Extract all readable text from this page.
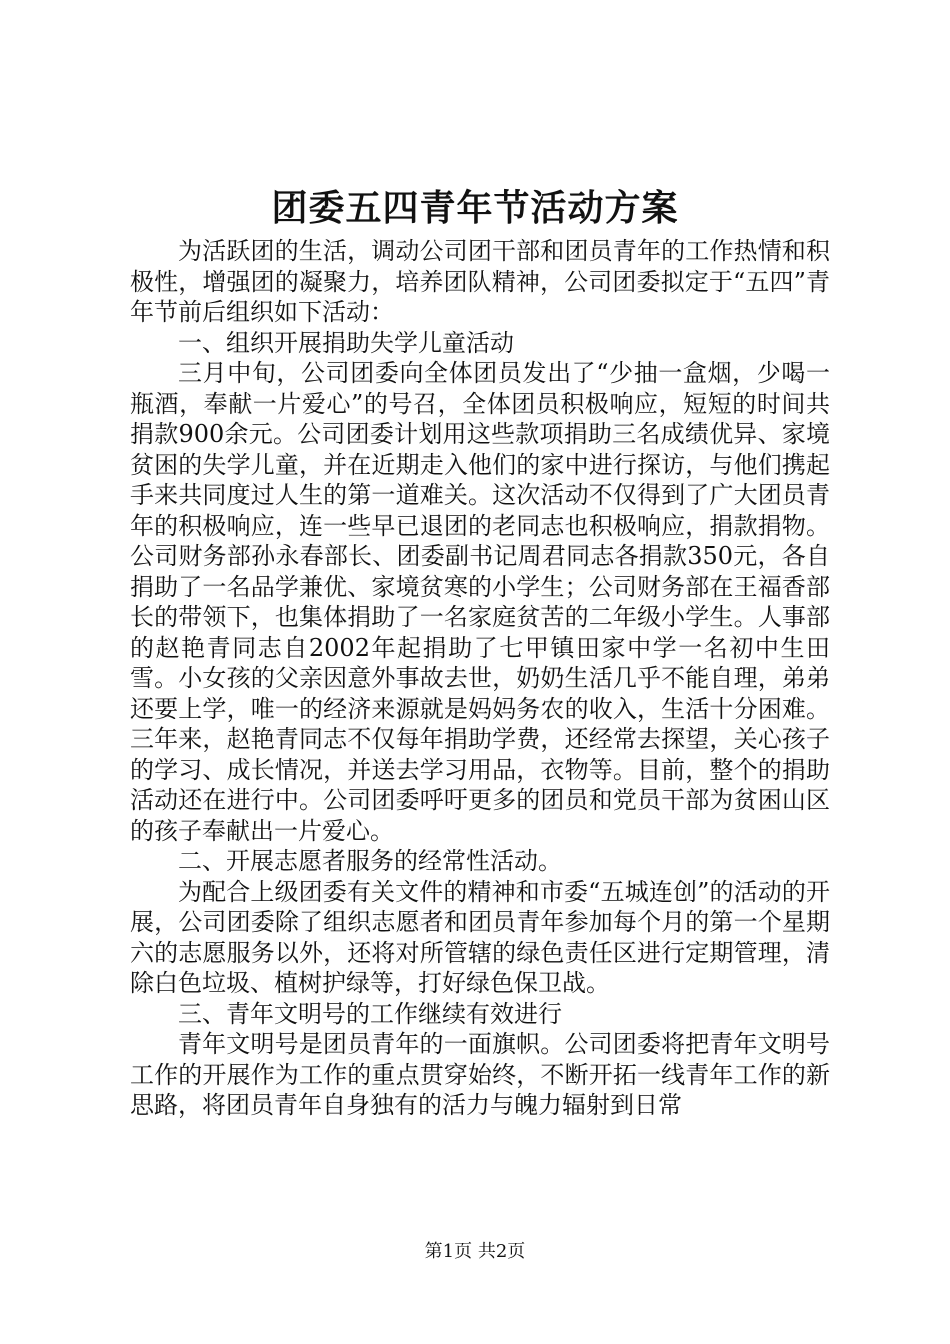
团委五四青年节活动方案

为活跃团的生活，调动公司团干部和团员青年的工作热情和积极性，增强团的凝聚力，培养团队精神，公司团委拟定于“五四”青年节前后组织如下活动：

一、组织开展捐助失学儿童活动

三月中旬，公司团委向全体团员发出了“少抽一盒烟，少喝一瓶酒，奉献一片爱心”的号召，全体团员积极响应，短短的时间共捐款900余元。公司团委计划用这些款项捐助三名成绩优异、家境贫困的失学儿童，并在近期走入他们的家中进行探访，与他们携起手来共同度过人生的第一道难关。这次活动不仅得到了广大团员青年的积极响应，连一些早已退团的老同志也积极响应，捐款捐物。公司财务部孙永春部长、团委副书记周君同志各捐款350元，各自捐助了一名品学兼优、家境贫寒的小学生；公司财务部在王福香部长的带领下，也集体捐助了一名家庭贫苦的二年级小学生。人事部的赵艳青同志自2002年起捐助了七甲镇田家中学一名初中生田雪。小女孩的父亲因意外事故去世，奶奶生活几乎不能自理，弟弟还要上学，唯一的经济来源就是妈妈务农的收入，生活十分困难。三年来，赵艳青同志不仅每年捐助学费，还经常去探望，关心孩子的学习、成长情况，并送去学习用品，衣物等。目前，整个的捐助活动还在进行中。公司团委呼吁更多的团员和党员干部为贫困山区的孩子奉献出一片爱心。

二、开展志愿者服务的经常性活动。

为配合上级团委有关文件的精神和市委“五城连创”的活动的开展，公司团委除了组织志愿者和团员青年参加每个月的第一个星期六的志愿服务以外，还将对所管辖的绿色责任区进行定期管理，清除白色垃圾、植树护绿等，打好绿色保卫战。

三、青年文明号的工作继续有效进行

青年文明号是团员青年的一面旗帜。公司团委将把青年文明号工作的开展作为工作的重点贯穿始终，不断开拓一线青年工作的新思路，将团员青年自身独有的活力与魄力辐射到日常

第1页 共2页
